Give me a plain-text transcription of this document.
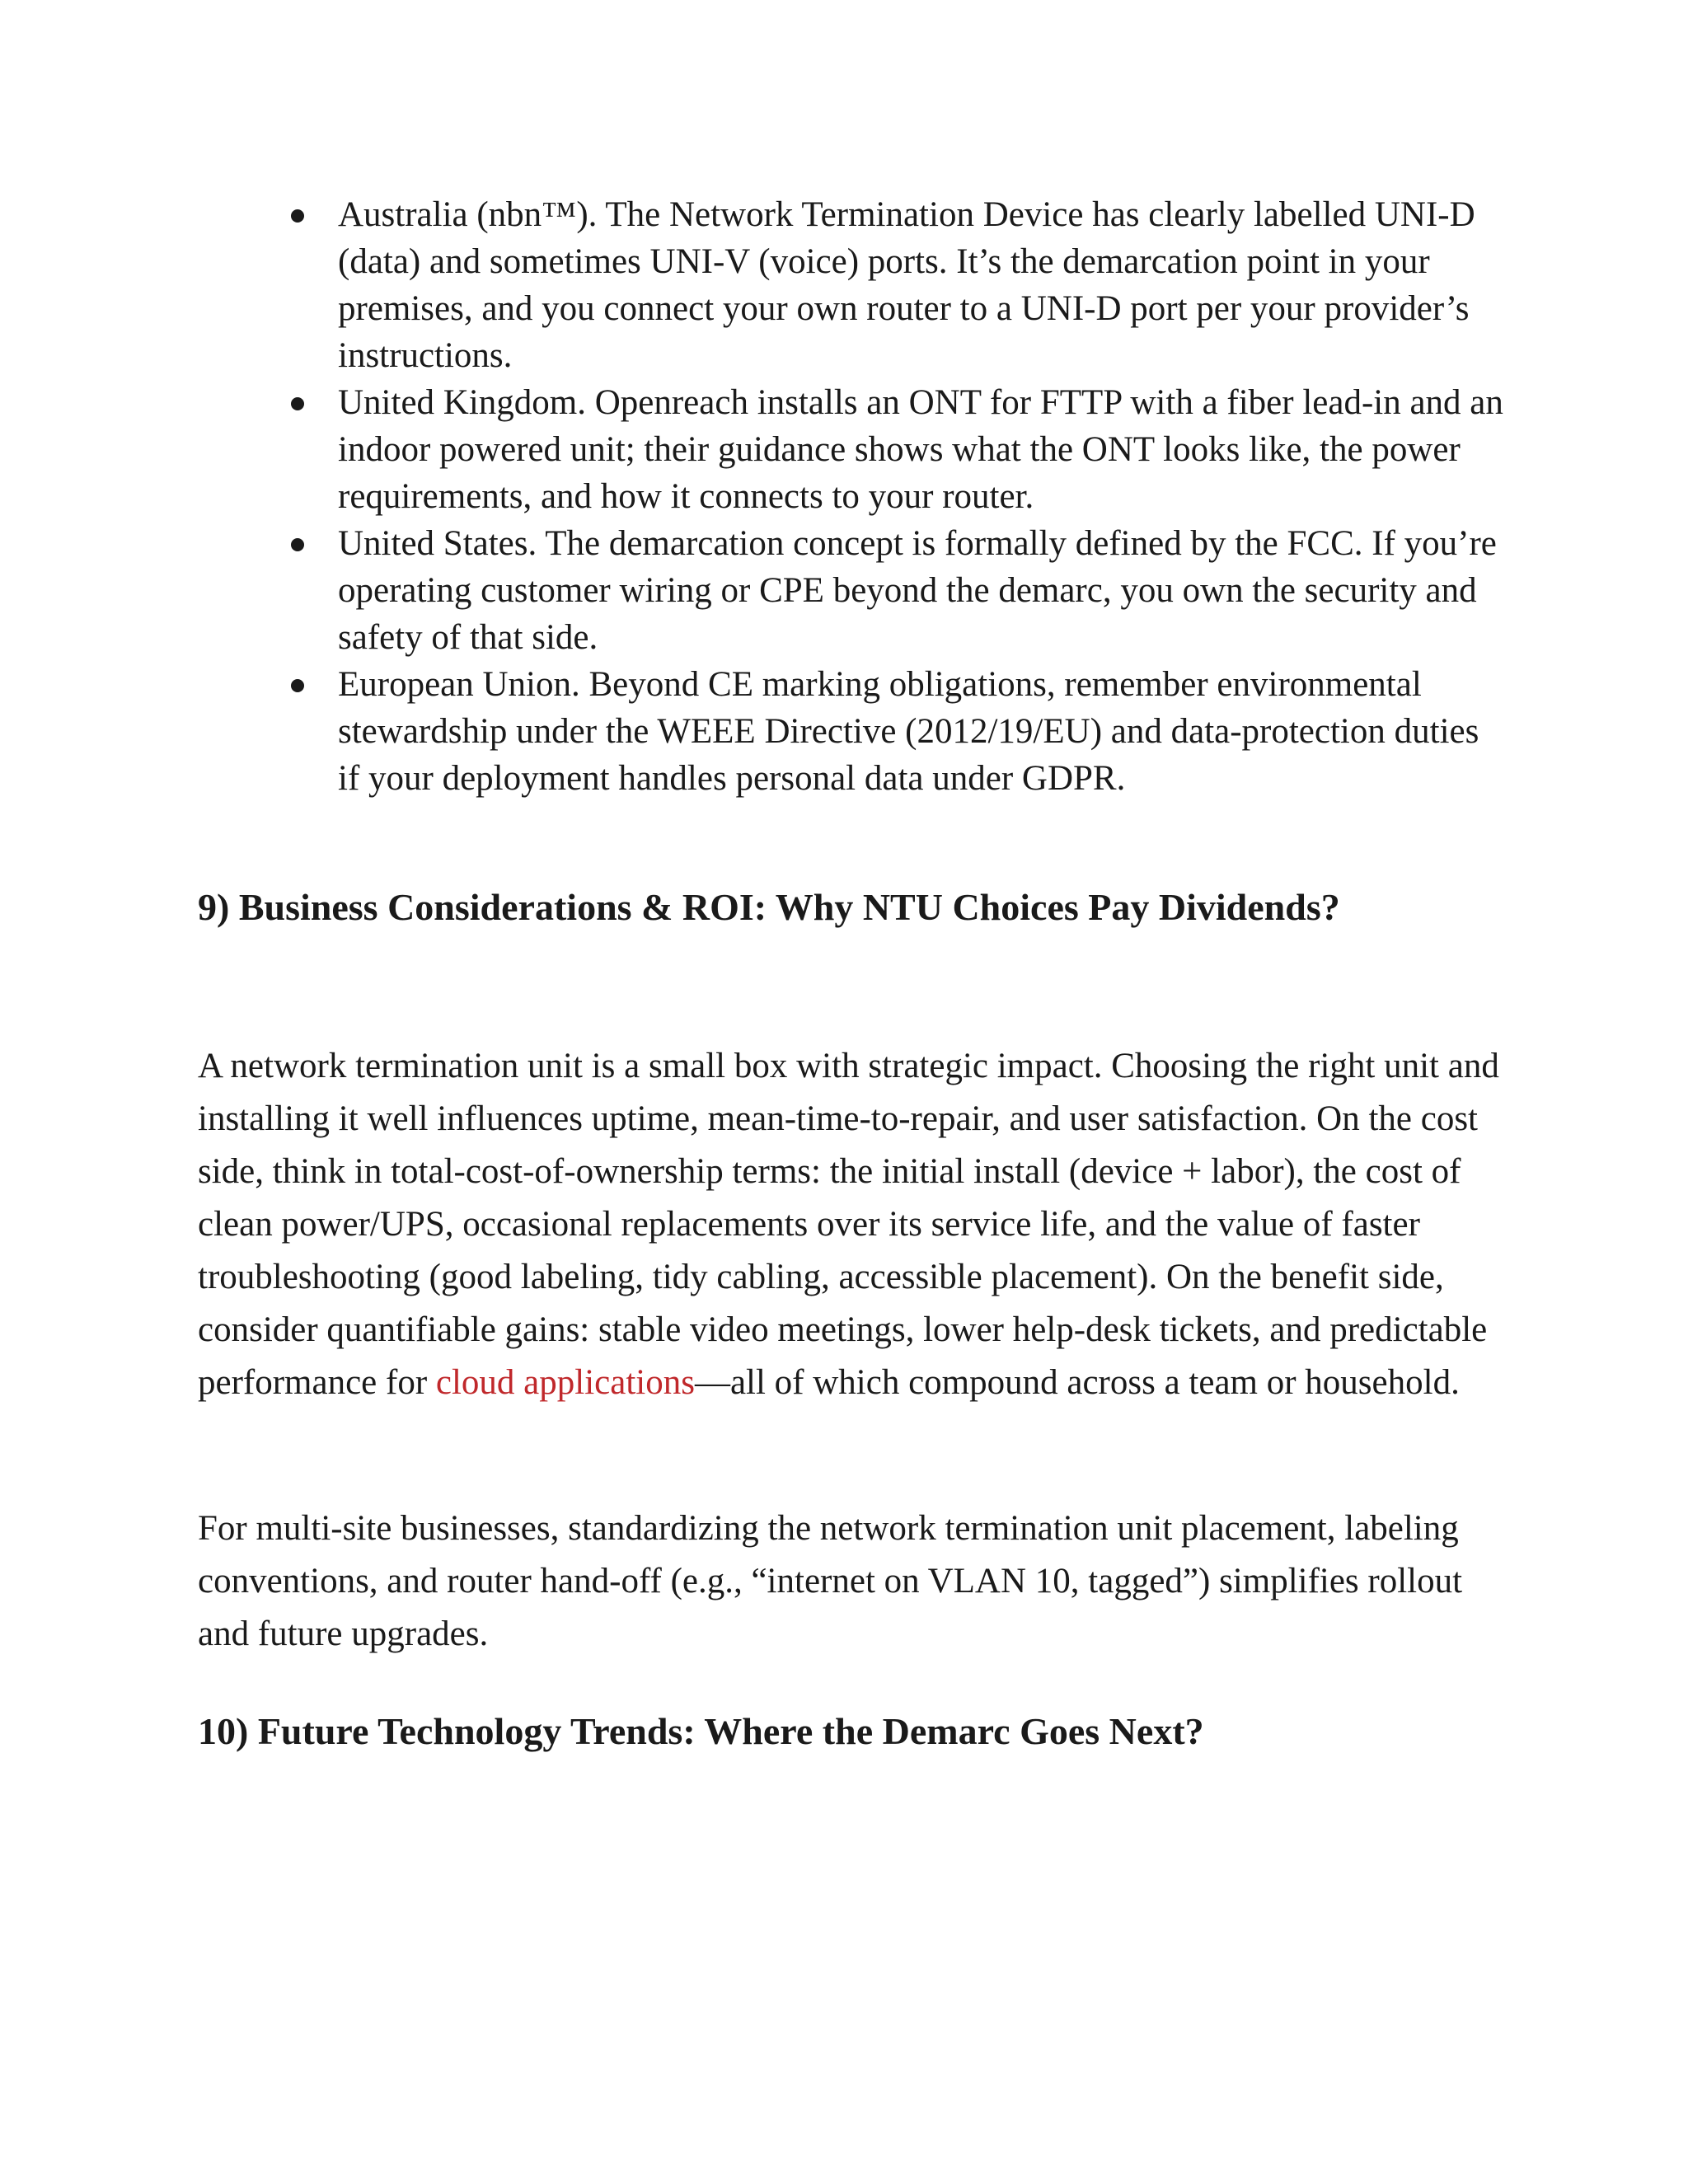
Australia (nbn™). The Network Termination Device has clearly labelled UNI-D (data) and sometimes UNI-V (voice) ports. It’s the demarcation point in your premises, and you connect your own router to a UNI-D port per your provider’s instructions.
United Kingdom. Openreach installs an ONT for FTTP with a fiber lead-in and an indoor powered unit; their guidance shows what the ONT looks like, the power requirements, and how it connects to your router.
United States. The demarcation concept is formally defined by the FCC. If you’re operating customer wiring or CPE beyond the demarc, you own the security and safety of that side.
European Union. Beyond CE marking obligations, remember environmental stewardship under the WEEE Directive (2012/19/EU) and data-protection duties if your deployment handles personal data under GDPR.
9) Business Considerations & ROI: Why NTU Choices Pay Dividends?

A network termination unit is a small box with strategic impact. Choosing the right unit and installing it well influences uptime, mean-time-to-repair, and user satisfaction. On the cost side, think in total-cost-of-ownership terms: the initial install (device + labor), the cost of clean power/UPS, occasional replacements over its service life, and the value of faster troubleshooting (good labeling, tidy cabling, accessible placement). On the benefit side, consider quantifiable gains: stable video meetings, lower help-desk tickets, and predictable performance for cloud applications—all of which compound across a team or household.

For multi-site businesses, standardizing the network termination unit placement, labeling conventions, and router hand-off (e.g., “internet on VLAN 10, tagged”) simplifies rollout and future upgrades.

10) Future Technology Trends: Where the Demarc Goes Next?
